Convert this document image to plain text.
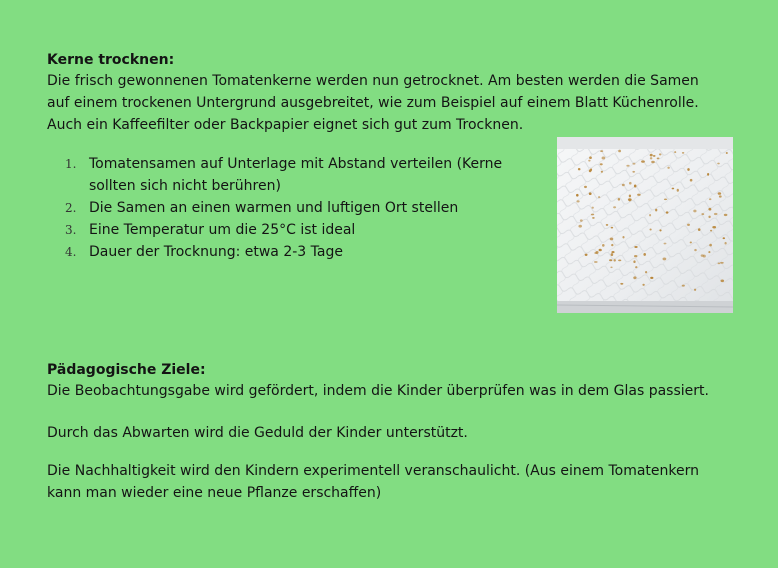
Kerne trocknen:
Die frisch gewonnenen Tomatenkerne werden nun getrocknet. Am besten werden die Samen
auf einem trockenen Untergrund ausgebreitet, wie zum Beispiel auf einem Blatt Küchenrolle.
Auch ein Kaffeefilter oder Backpapier eignet sich gut zum Trocknen.
1. Tomatensamen auf Unterlage mit Abstand verteilen (Kerne
sollten sich nicht berühren)
2. Die Samen an einen warmen und luftigen Ort stellen
3. Eine Temperatur um die 25°C ist ideal
4. Dauer der Trocknung: etwa 2-3 Tage
Pädagogische Ziele:
Die Beobachtungsgabe wird gefördert, indem die Kinder überprüfen was in dem Glas passiert.
Durch das Abwarten wird die Geduld der Kinder unterstützt.
Die Nachhaltigkeit wird den Kindern experimentell veranschaulicht. (Aus einem Tomatenkern
kann man wieder eine neue Pflanze erschaffen)
